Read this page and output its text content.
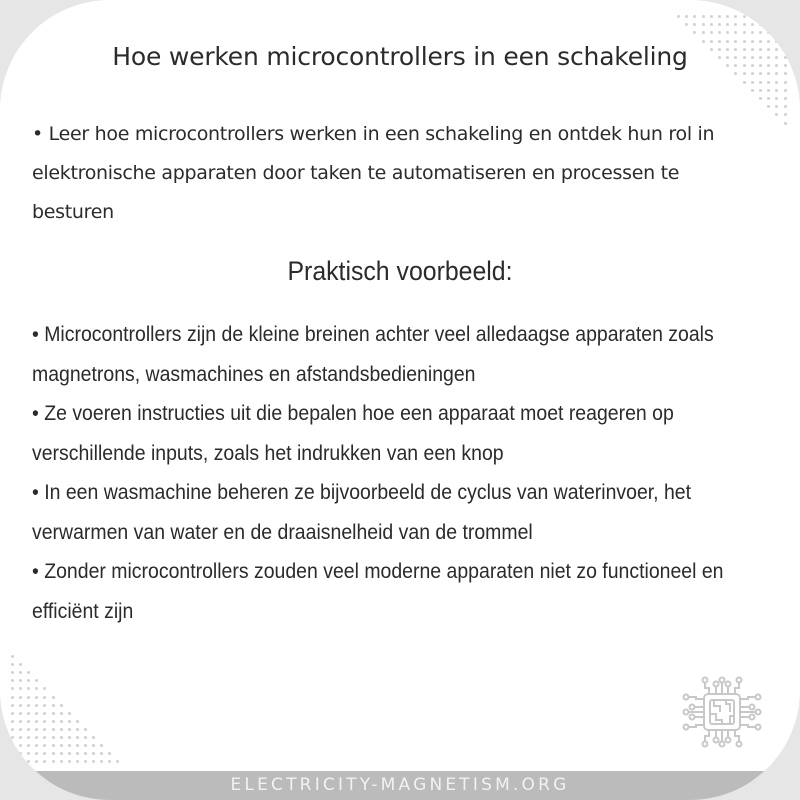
Hoe werken microcontrollers in een schakeling
• Leer hoe microcontrollers werken in een schakeling en ontdek hun rol in elektronische apparaten door taken te automatiseren en processen te besturen
Praktisch voorbeeld:

• Microcontrollers zijn de kleine breinen achter veel alledaagse apparaten zoals magnetrons, wasmachines en afstandsbedieningen

• Ze voeren instructies uit die bepalen hoe een apparaat moet reageren op verschillende inputs, zoals het indrukken van een knop

• In een wasmachine beheren ze bijvoorbeeld de cyclus van waterinvoer, het verwarmen van water en de draaisnelheid van de trommel

• Zonder microcontrollers zouden veel moderne apparaten niet zo functioneel en efficiënt zijn

ELECTRICITY-MAGNETISM.ORG
